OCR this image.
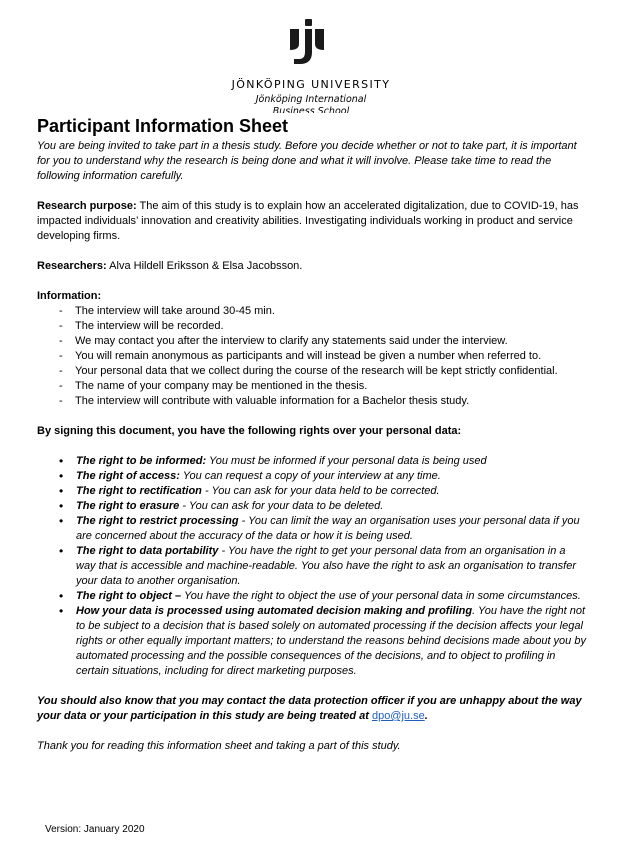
JÖNKÖPING UNIVERSITY
Jönköping International
Business School
Participant Information Sheet

You are being invited to take part in a thesis study. Before you decide whether or not to take part, it is important for you to understand why the research is being done and what it will involve. Please take time to read the following information carefully.

Research purpose: The aim of this study is to explain how an accelerated digitalization, due to COVID-19, has impacted individuals’ innovation and creativity abilities. Investigating individuals working in product and service developing firms.

Researchers: Alva Hildell Eriksson & Elsa Jacobsson.

Information:

- The interview will take around 30-45 min.
- The interview will be recorded.
- We may contact you after the interview to clarify any statements said under the interview.
- You will remain anonymous as participants and will instead be given a number when referred to.
- Your personal data that we collect during the course of the research will be kept strictly confidential.
- The name of your company may be mentioned in the thesis.
- The interview will contribute with valuable information for a Bachelor thesis study.

By signing this document, you have the following rights over your personal data:

• The right to be informed: You must be informed if your personal data is being used
• The right of access: You can request a copy of your interview at any time.
• The right to rectification - You can ask for your data held to be corrected.
• The right to erasure - You can ask for your data to be deleted.
• The right to restrict processing - You can limit the way an organisation uses your personal data if you are concerned about the accuracy of the data or how it is being used.
• The right to data portability - You have the right to get your personal data from an organisation in a way that is accessible and machine-readable. You also have the right to ask an organisation to transfer your data to another organisation.
• The right to object – You have the right to object the use of your personal data in some circumstances.
• How your data is processed using automated decision making and profiling. You have the right not to be subject to a decision that is based solely on automated processing if the decision affects your legal rights or other equally important matters; to understand the reasons behind decisions made about you by automated processing and the possible consequences of the decisions, and to object to profiling in certain situations, including for direct marketing purposes.

You should also know that you may contact the data protection officer if you are unhappy about the way your data or your participation in this study are being treated at dpo@ju.se.

Thank you for reading this information sheet and taking a part of this study.

Version: January 2020
